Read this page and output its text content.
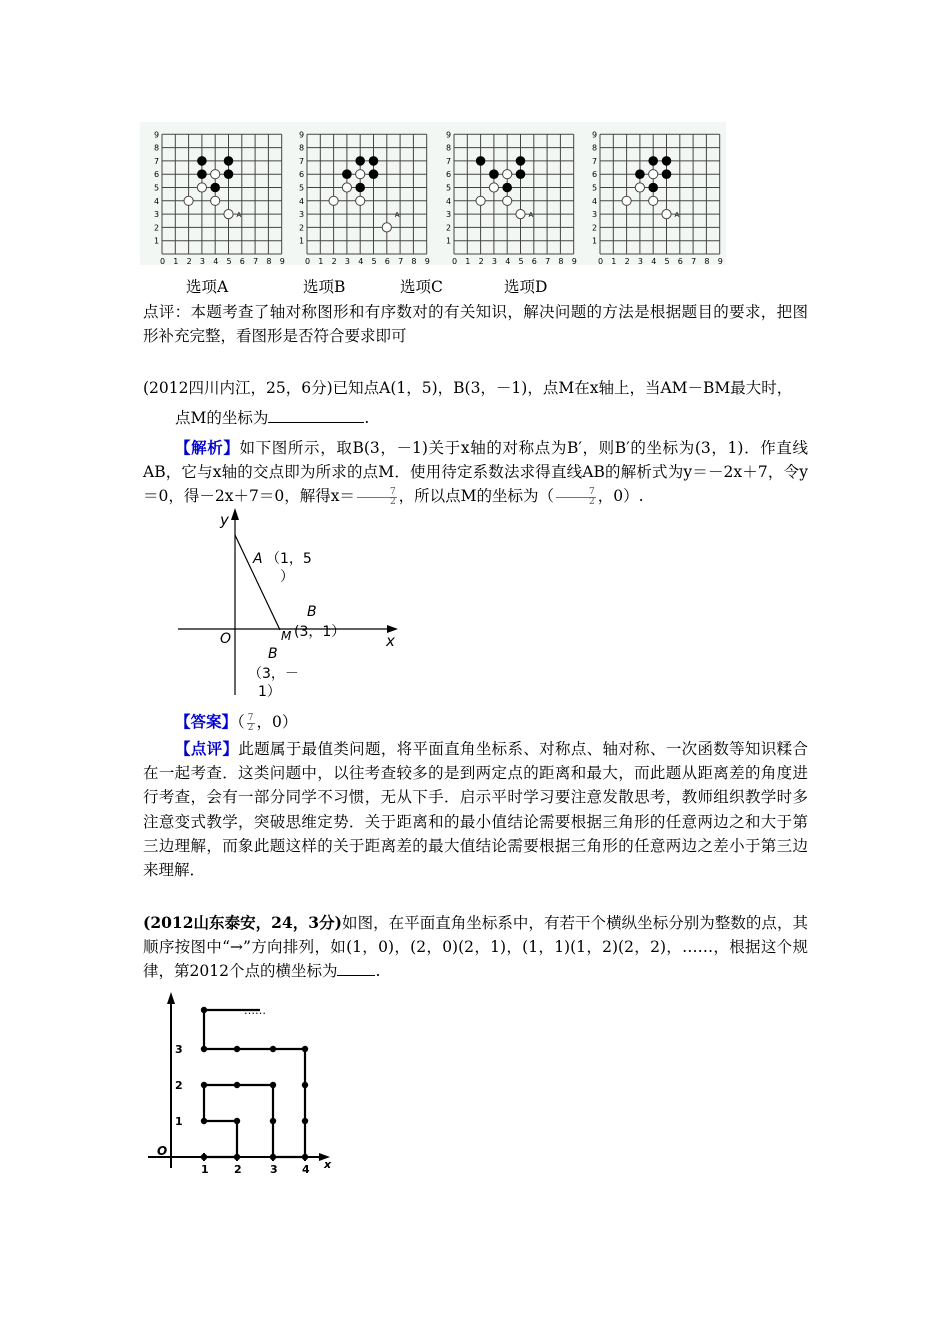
0 1
1
2
2
3
3
4
4
5
5
6
6
7
7
8
8
9
9
A
0 1
1
2
2
3
3
4
4
5
5
6
6
7
7
8
8
9
9
A
0 1
1
2
2
3
3
4
4
5
5
6
6
7
7
8
8
9
9
A
0 1
1
2
2
3
3
4
4
5
5
6
6
7
7
8
8
9
9
A
选项A	选项B	选项C	选项D
点评：本题考查了轴对称图形和有序数对的有关知识，解决问题的方法是根据题目的要求，把图形补充完整，看图形是否符合要求即可
(2012四川内江，25，6分)已知点A(1，5)，B(3，－1)，点M在x轴上，当AM－BM最大时，
点M的坐标为	.
【解析】如下图所示，取B(3，－1)关于x轴的对称点为B′，则B′的坐标为(3，1)．作直线AB，它与x轴的交点即为所求的点M．使用待定系数法求得直线AB的解析式为y＝－2x＋7，令y＝0，得－2x＋7＝0，解得$x= \frac{7}{2}$ ，所以点M的坐标为（ $\frac{7}{2}$ ，0）.
y
x
O
A （1，5
）
B
(3，1）
M
B
（3，－
1）
【答案】（ $\frac{7}{2}$ ，0）
【点评】此题属于最值类问题，将平面直角坐标系、对称点、轴对称、一次函数等知识糅合在一起考查．这类问题中，以往考查较多的是到两定点的距离和最大，而此题从距离差的角度进行考查，会有一部分同学不习惯，无从下手．启示平时学习要注意发散思考，教师组织教学时多注意变式教学，突破思维定势．关于距离和的最小值结论需要根据三角形的任意两边之和大于第三边理解，而象此题这样的关于距离差的最大值结论需要根据三角形的任意两边之差小于第三边来理解．
(2012山东泰安，24，3分)如图，在平面直角坐标系中，有若干个横纵坐标分别为整数的点，其顺序按图中“→”方向排列，如(1，0)，(2，0)(2，1)，(1，1)(1，2)(2，2)，……，根据这个规律，第2012个点的横坐标为 .
O
x
1 2	3 4
1
2
3
……
